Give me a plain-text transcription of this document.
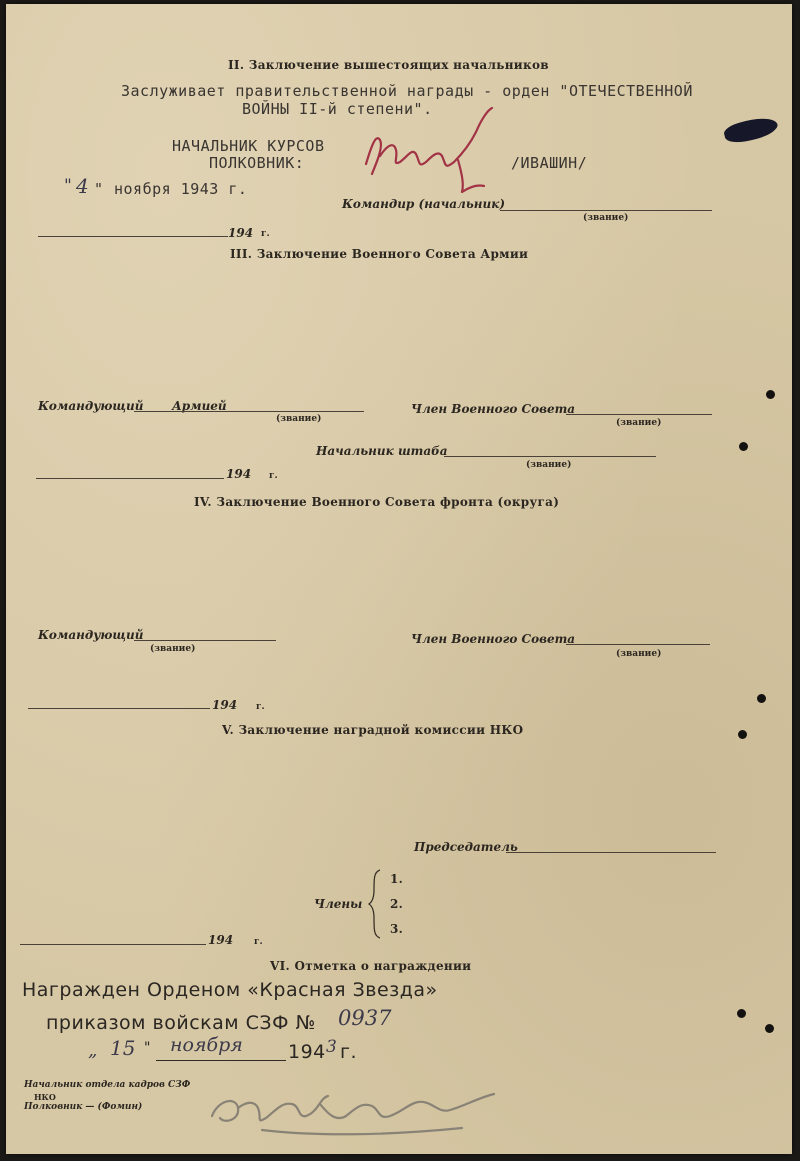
II. Заключение вышестоящих начальников
Заслуживает правительственной награды - орден "ОТЕЧЕСТВЕННОЙ
ВОЙНЫ II-й степени".
НАЧАЛЬНИК КУРСОВ
ПОЛКОВНИК:	/ИВАШИН/
" 4 " ноября 1943 г.
Командир (начальник)
(звание)
194 г.
III. Заключение Военного Совета Армии
Командующий Армией
(звание)
Член Военного Совета
(звание)
Начальник штаба
(звание)
194 г.
IV. Заключение Военного Совета фронта (округа)
Командующий
(звание)
Член Военного Совета
(звание)
194 г.
V. Заключение наградной комиссии НКО
Председатель
Члены
1.
2.
3.
194 г.
VI. Отметка о награждении
Награжден Орденом «Красная Звезда»
приказом войскам СЗФ № 0937
„ 15 " ноября 194 3 г.
Начальник отдела кадров СЗФ
НКО
Полковник — (Фомин)
